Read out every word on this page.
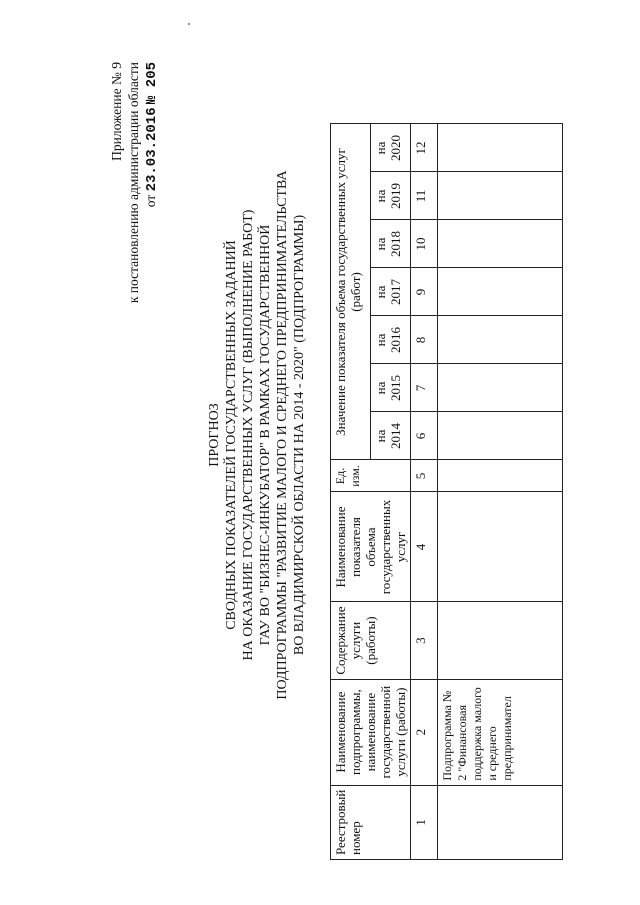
Приложение № 9 к постановлению администрации области от 23.03.2016 № 205
ПРОГНОЗ СВОДНЫХ ПОКАЗАТЕЛЕЙ ГОСУДАРСТВЕННЫХ ЗАДАНИЙ НА ОКАЗАНИЕ ГОСУДАРСТВЕННЫХ УСЛУГ (ВЫПОЛНЕНИЕ РАБОТ) ГАУ ВО "БИЗНЕС-ИНКУБАТОР" В РАМКАХ ГОСУДАРСТВЕННОЙ ПОДПРОГРАММЫ "РАЗВИТИЕ МАЛОГО И СРЕДНЕГО ПРЕДПРИНИМАТЕЛЬСТВА ВО ВЛАДИМИРСКОЙ ОБЛАСТИ НА 2014 - 2020" (ПОДПРОГРАММЫ)
Реестровый номер	Наименование подпрограммы, наименование государственной услуги (работы)	Содержание услуги (работы)	Наименование показателя объема государственных услуг	Ед. изм.	Значение показателя объема государственных услуг (работ)						
					на 2014	на 2015	на 2016	на 2017	на 2018	на 2019	на 2020
1	2	3	4	5	6	7	8	9	10	11	12
	Подпрограмма № 2 "Финансовая поддержка малого и среднего предпринимател										
